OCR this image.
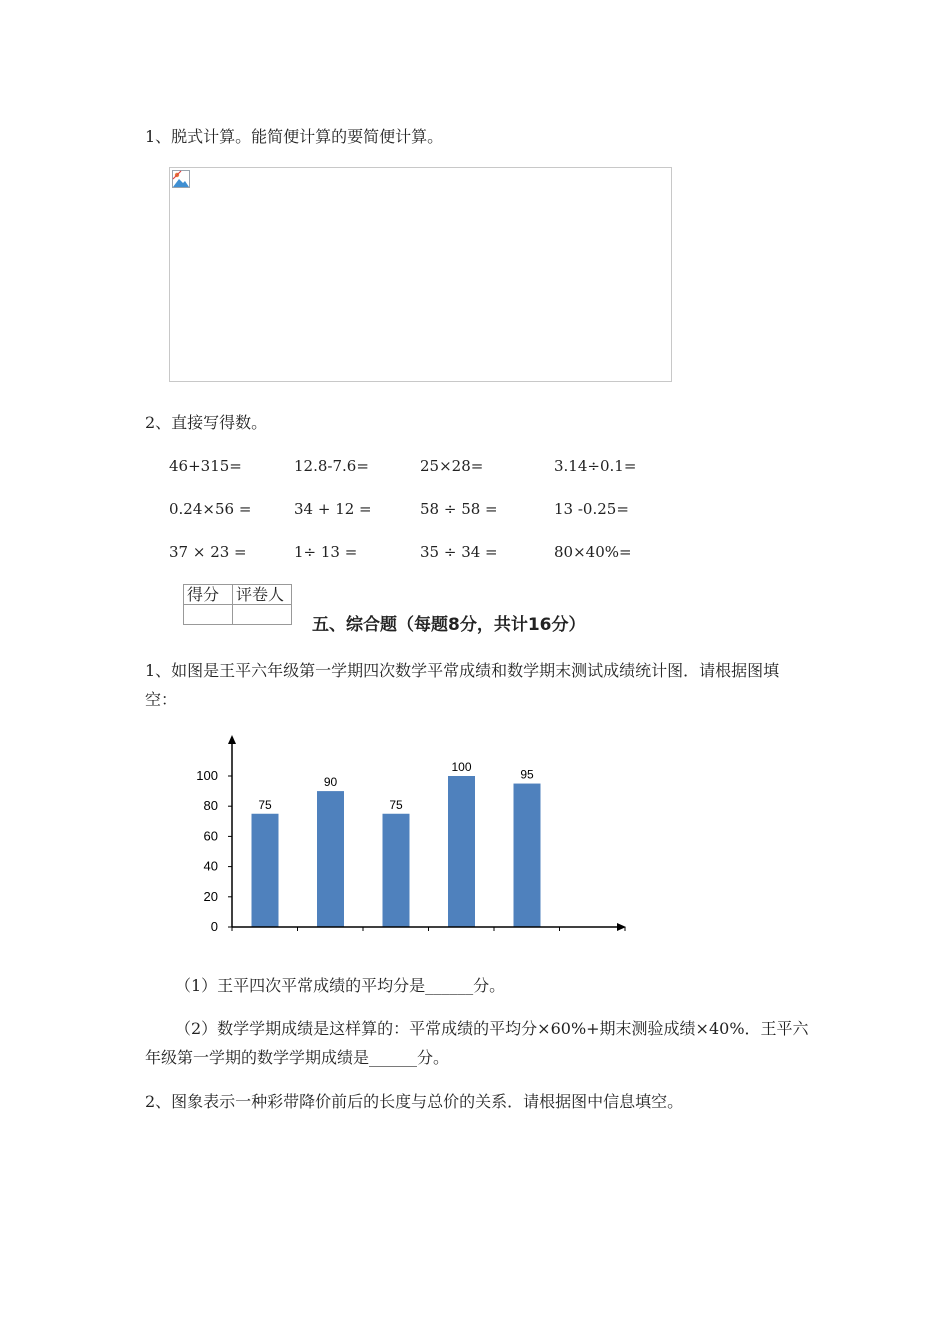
1、脱式计算。能简便计算的要简便计算。
2、直接写得数。
46+315=	12.8-7.6=	25×28=	3.14÷0.1=
0.24×56 =	34 + 12 =	58 ÷ 58 =	13 -0.25=
37 × 23 =	1÷ 13 =	35 ÷ 34 =	80×40%=
得分	评卷人

五、综合题（每题8分，共计16分）
1、如图是王平六年级第一学期四次数学平常成绩和数学期末测试成绩统计图．请根据图填
空：
0
20
40
60
80
100
75
90
75
100
95
（1）王平四次平常成绩的平均分是______分。
（2）数学学期成绩是这样算的：平常成绩的平均分×60%+期末测验成绩×40%．王平六
年级第一学期的数学学期成绩是______分。
2、图象表示一种彩带降价前后的长度与总价的关系．请根据图中信息填空。
